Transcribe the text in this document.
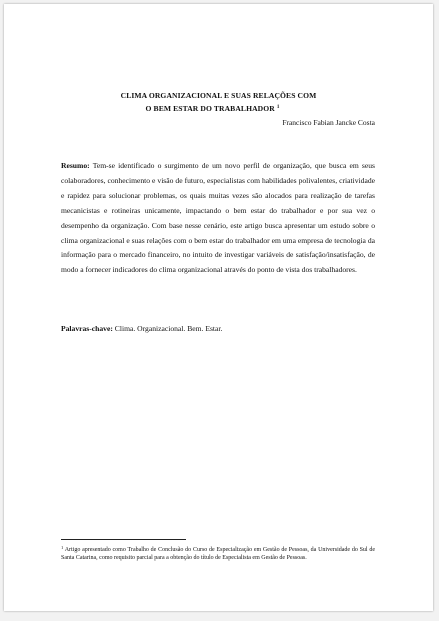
CLIMA ORGANIZACIONAL E SUAS RELAÇÕES COM
O BEM ESTAR DO TRABALHADOR $^1$
Francisco Fabian Jancke Costa
Resumo: Tem-se identificado o surgimento de um novo perfil de organização, que busca em seus colaboradores, conhecimento e visão de futuro, especialistas com habilidades polivalentes, criatividade e rapidez para solucionar problemas, os quais muitas vezes são alocados para realização de tarefas mecanicistas e rotineiras unicamente, impactando o bem estar do trabalhador e por sua vez o desempenho da organização. Com base nesse cenário, este artigo busca apresentar um estudo sobre o clima organizacional e suas relações com o bem estar do trabalhador em uma empresa de tecnologia da informação para o mercado financeiro, no intuito de investigar variáveis de satisfação/insatisfação, de modo a fornecer indicadores do clima organizacional através do ponto de vista dos trabalhadores.
Palavras-chave: Clima. Organizacional. Bem. Estar.
$^1$ Artigo apresentado como Trabalho de Conclusão do Curso de Especialização em Gestão de Pessoas, da Universidade do Sul de Santa Catarina, como requisito parcial para a obtenção do título de Especialista em Gestão de Pessoas.
